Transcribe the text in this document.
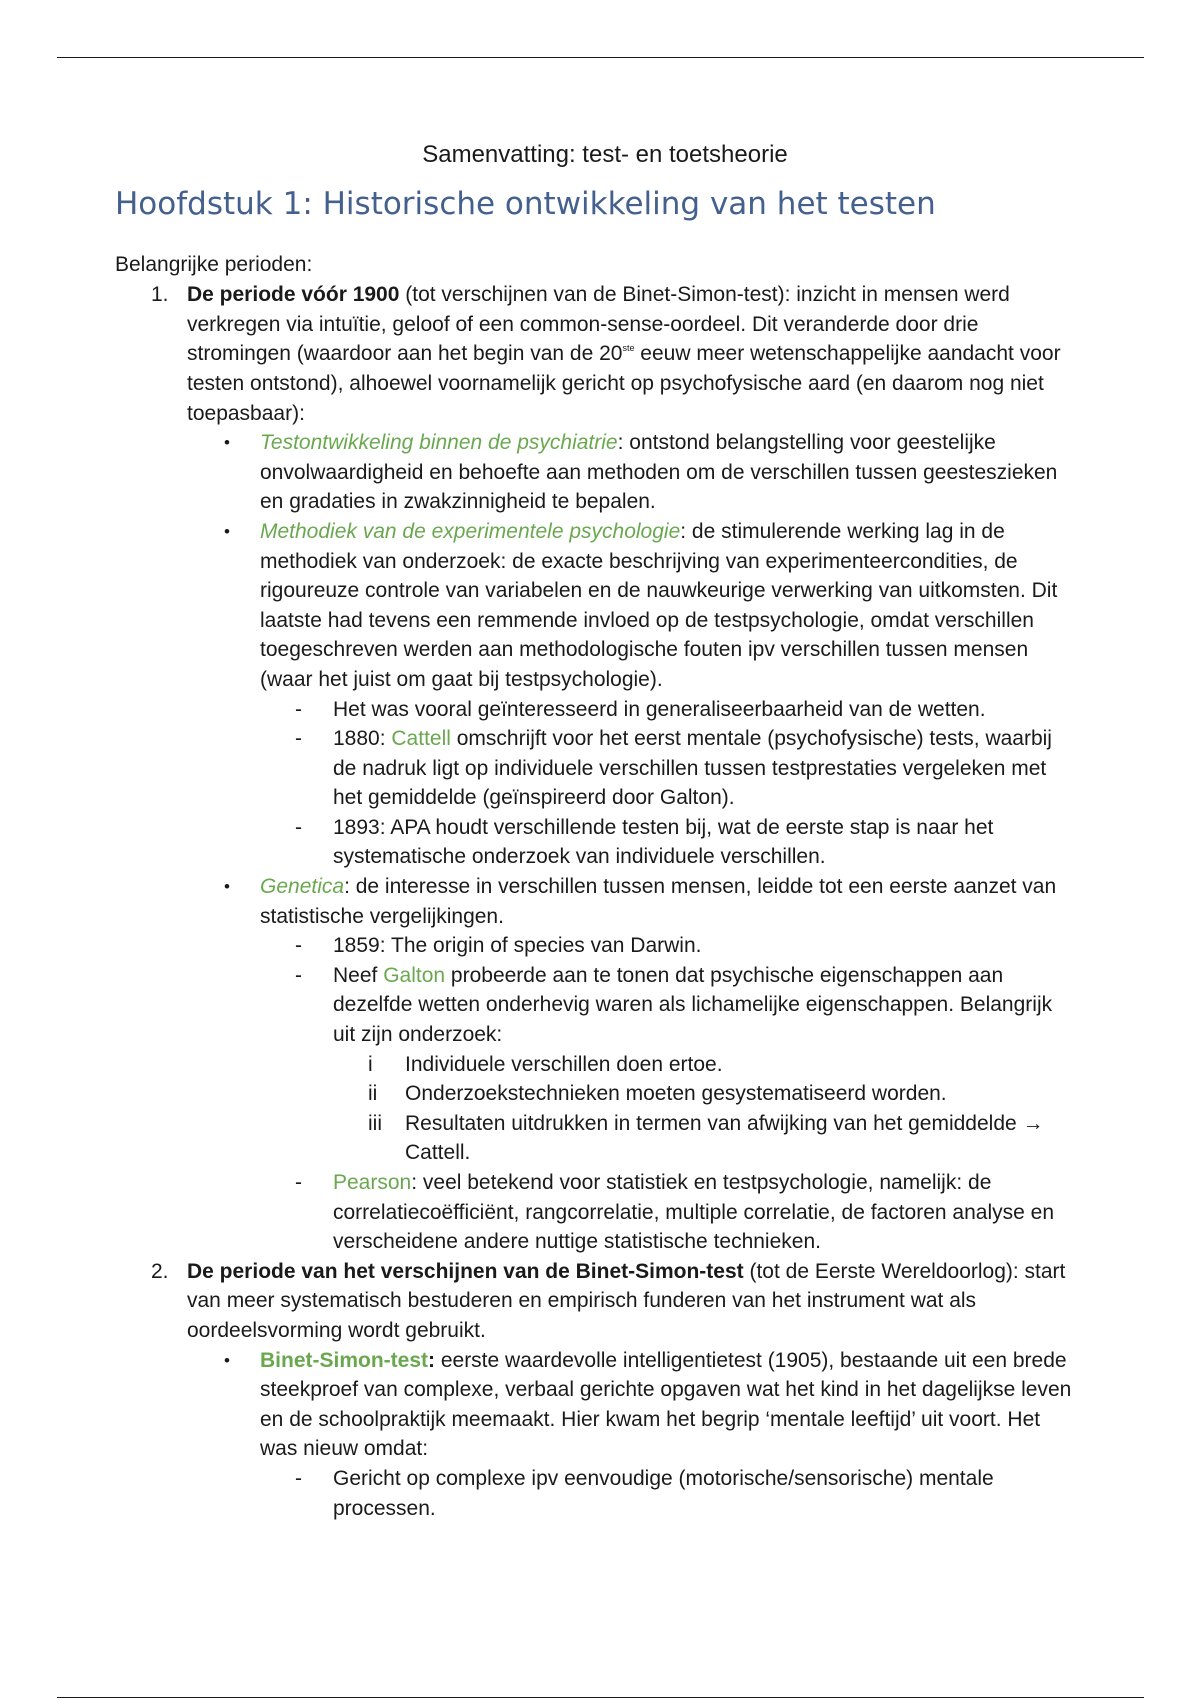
Samenvatting: test- en toetsheorie
Hoofdstuk 1: Historische ontwikkeling van het testen
Belangrijke perioden:
1. De periode vóór 1900 (tot verschijnen van de Binet-Simon-test): inzicht in mensen werd verkregen via intuïtie, geloof of een common-sense-oordeel. Dit veranderde door drie stromingen (waardoor aan het begin van de 20ste eeuw meer wetenschappelijke aandacht voor testen ontstond), alhoewel voornamelijk gericht op psychofysische aard (en daarom nog niet toepasbaar):
• Testontwikkeling binnen de psychiatrie: ontstond belangstelling voor geestelijke onvolwaardigheid en behoefte aan methoden om de verschillen tussen geesteszieken en gradaties in zwakzinnigheid te bepalen.
• Methodiek van de experimentele psychologie: de stimulerende werking lag in de methodiek van onderzoek: de exacte beschrijving van experimenteercondities, de rigoureuze controle van variabelen en de nauwkeurige verwerking van uitkomsten. Dit laatste had tevens een remmende invloed op de testpsychologie, omdat verschillen toegeschreven werden aan methodologische fouten ipv verschillen tussen mensen (waar het juist om gaat bij testpsychologie).
- Het was vooral geïnteresseerd in generaliseerbaarheid van de wetten.
- 1880: Cattell omschrijft voor het eerst mentale (psychofysische) tests, waarbij de nadruk ligt op individuele verschillen tussen testprestaties vergeleken met het gemiddelde (geïnspireerd door Galton).
- 1893: APA houdt verschillende testen bij, wat de eerste stap is naar het systematische onderzoek van individuele verschillen.
• Genetica: de interesse in verschillen tussen mensen, leidde tot een eerste aanzet van statistische vergelijkingen.
- 1859: The origin of species van Darwin.
- Neef Galton probeerde aan te tonen dat psychische eigenschappen aan dezelfde wetten onderhevig waren als lichamelijke eigenschappen. Belangrijk uit zijn onderzoek:
i Individuele verschillen doen ertoe.
ii Onderzoekstechnieken moeten gesystematiseerd worden.
iii Resultaten uitdrukken in termen van afwijking van het gemiddelde → Cattell.
- Pearson: veel betekend voor statistiek en testpsychologie, namelijk: de correlatiecoëfficiënt, rangcorrelatie, multiple correlatie, de factoren analyse en verscheidene andere nuttige statistische technieken.
2. De periode van het verschijnen van de Binet-Simon-test (tot de Eerste Wereldoorlog): start van meer systematisch bestuderen en empirisch funderen van het instrument wat als oordeelsvorming wordt gebruikt.
• Binet-Simon-test: eerste waardevolle intelligentietest (1905), bestaande uit een brede steekproef van complexe, verbaal gerichte opgaven wat het kind in het dagelijkse leven en de schoolpraktijk meemaakt. Hier kwam het begrip ‘mentale leeftijd’ uit voort. Het was nieuw omdat:
- Gericht op complexe ipv eenvoudige (motorische/sensorische) mentale processen.
